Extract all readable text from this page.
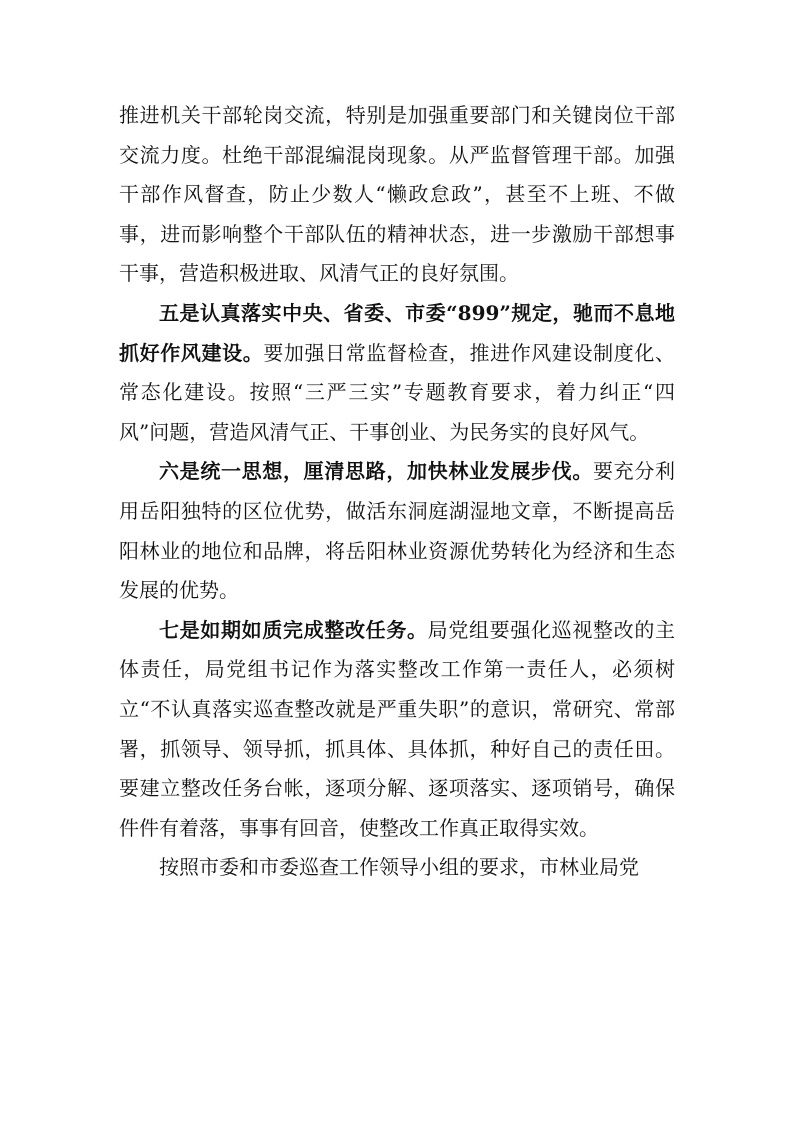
推进机关干部轮岗交流，特别是加强重要部门和关键岗位干部交流力度。杜绝干部混编混岗现象。从严监督管理干部。加强干部作风督查，防止少数人“懒政怠政”，甚至不上班、不做事，进而影响整个干部队伍的精神状态，进一步激励干部想事干事，营造积极进取、风清气正的良好氛围。

五是认真落实中央、省委、市委“899”规定，驰而不息地抓好作风建设。要加强日常监督检查，推进作风建设制度化、常态化建设。按照“三严三实”专题教育要求，着力纠正“四风”问题，营造风清气正、干事创业、为民务实的良好风气。

六是统一思想，厘清思路，加快林业发展步伐。要充分利用岳阳独特的区位优势，做活东洞庭湖湿地文章，不断提高岳阳林业的地位和品牌，将岳阳林业资源优势转化为经济和生态发展的优势。

七是如期如质完成整改任务。局党组要强化巡视整改的主体责任，局党组书记作为落实整改工作第一责任人，必须树立“不认真落实巡查整改就是严重失职”的意识，常研究、常部署，抓领导、领导抓，抓具体、具体抓，种好自己的责任田。要建立整改任务台帐，逐项分解、逐项落实、逐项销号，确保件件有着落，事事有回音，使整改工作真正取得实效。

按照市委和市委巡查工作领导小组的要求，市林业局党
